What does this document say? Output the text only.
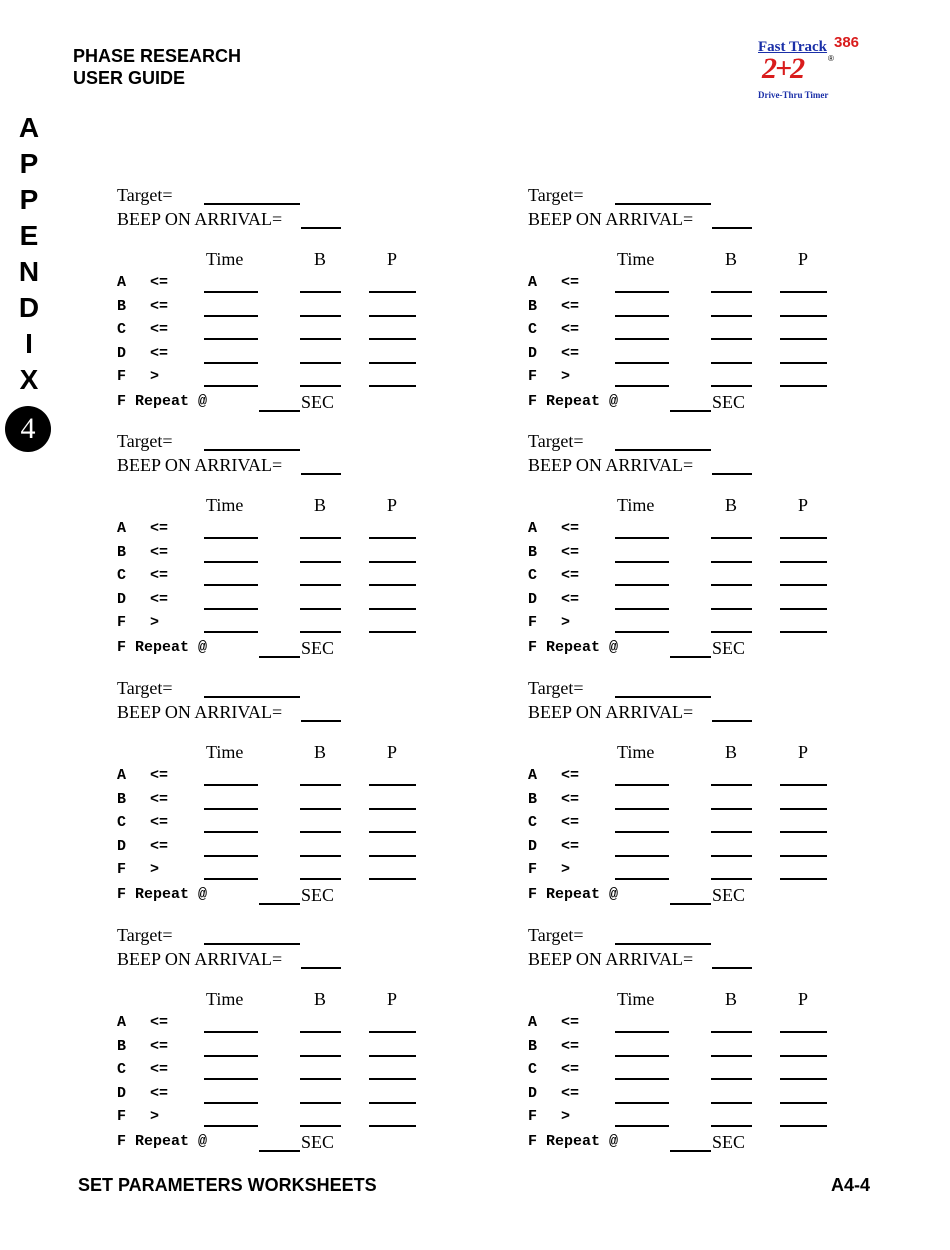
PHASE RESEARCH
USER GUIDE
Fast Track 386
®
2+2
Drive-Thru Timer
A
P
P
E
N
D
I
X
4
Target=
BEEP ON ARRIVAL=
Time	B	P
A <=
B <=
C <=
D <=
F >
F Repeat @	SEC
Target=
BEEP ON ARRIVAL=
Time	B	P
A <=
B <=
C <=
D <=
F >
F Repeat @	SEC
Target=
BEEP ON ARRIVAL=
Time	B	P
A <=
B <=
C <=
D <=
F >
F Repeat @	SEC
Target=
BEEP ON ARRIVAL=
Time	B	P
A <=
B <=
C <=
D <=
F >
F Repeat @	SEC
Target=
BEEP ON ARRIVAL=
Time	B	P
A <=
B <=
C <=
D <=
F >
F Repeat @	SEC
Target=
BEEP ON ARRIVAL=
Time	B	P
A <=
B <=
C <=
D <=
F >
F Repeat @	SEC
Target=
BEEP ON ARRIVAL=
Time	B	P
A <=
B <=
C <=
D <=
F >
F Repeat @	SEC
Target=
BEEP ON ARRIVAL=
Time	B	P
A <=
B <=
C <=
D <=
F >
F Repeat @	SEC
SET PARAMETERS WORKSHEETS	A4-4
